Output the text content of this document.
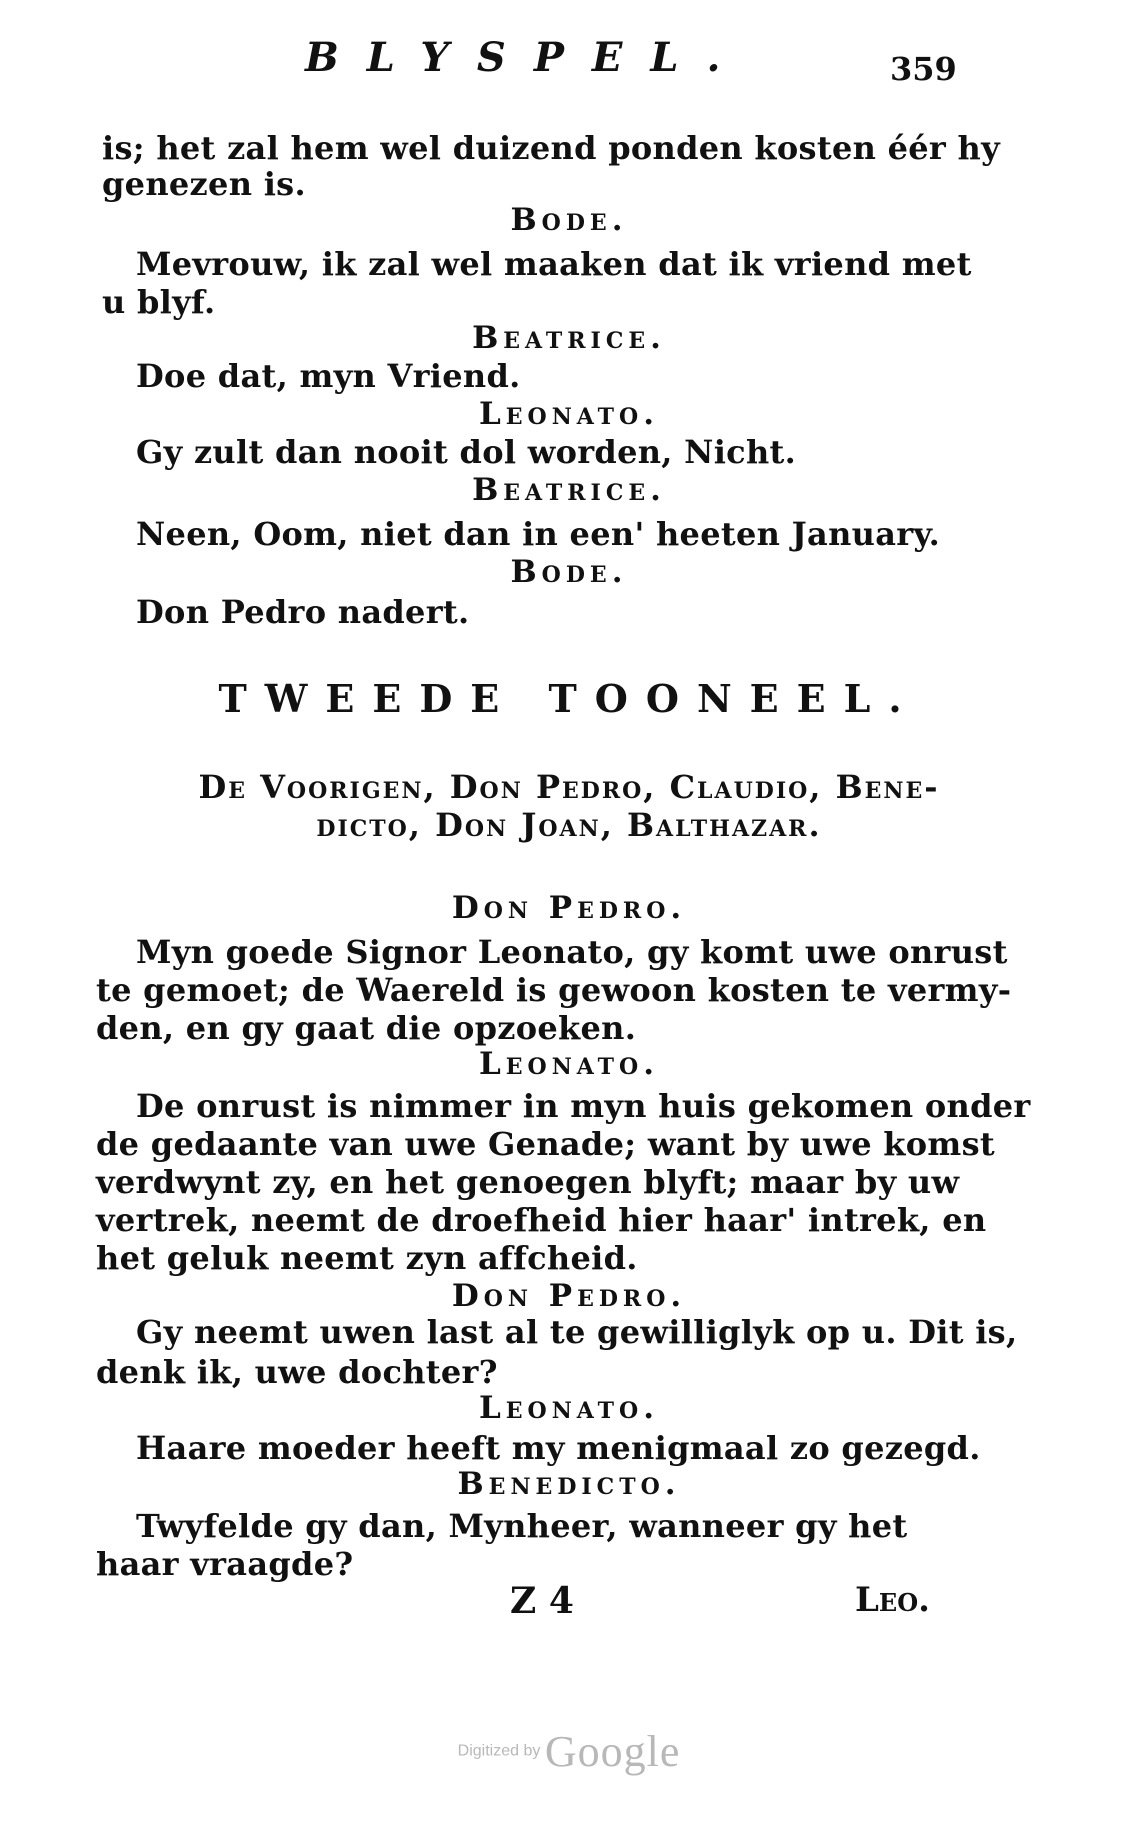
BLYSPEL.	359
is; het zal hem wel duizend ponden kosten éér hy
genezen is.
Bode.
Mevrouw, ik zal wel maaken dat ik vriend met
u blyf.
Beatrice.
Doe dat, myn Vriend.
Leonato.
Gy zult dan nooit dol worden, Nicht.
Beatrice.
Neen, Oom, niet dan in een' heeten January.
Bode.
Don Pedro nadert.
TWEEDE TOONEEL.
De Voorigen, Don Pedro, Claudio, Bene-
dicto, Don Joan, Balthazar.
Don Pedro.
Myn goede Signor Leonato, gy komt uwe onrust
te gemoet; de Waereld is gewoon kosten te vermy-
den, en gy gaat die opzoeken.
Leonato.
De onrust is nimmer in myn huis gekomen onder
de gedaante van uwe Genade; want by uwe komst
verdwynt zy, en het genoegen blyft; maar by uw
vertrek, neemt de droefheid hier haar' intrek, en
het geluk neemt zyn affcheid.
Don Pedro.
Gy neemt uwen last al te gewilliglyk op u. Dit is,
denk ik, uwe dochter?
Leonato.
Haare moeder heeft my menigmaal zo gezegd.
Benedicto.
Twyfelde gy dan, Mynheer, wanneer gy het
haar vraagde?
Z 4	Leo.
Digitized by Google
